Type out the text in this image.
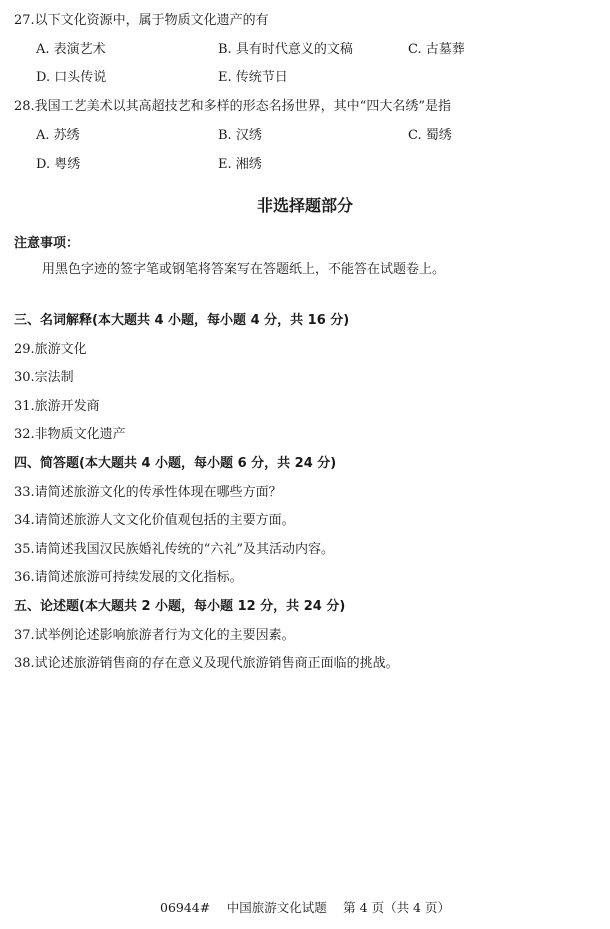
27.以下文化资源中，属于物质文化遗产的有
A. 表演艺术	B. 具有时代意义的文稿	C. 古墓葬
D. 口头传说	E. 传统节日
28.我国工艺美术以其高超技艺和多样的形态名扬世界，其中“四大名绣”是指
A. 苏绣	B. 汉绣	C. 蜀绣
D. 粤绣	E. 湘绣
非选择题部分
注意事项：
用黑色字迹的签字笔或钢笔将答案写在答题纸上，不能答在试题卷上。
三、名词解释(本大题共 4 小题，每小题 4 分，共 16 分)
29.旅游文化
30.宗法制
31.旅游开发商
32.非物质文化遗产
四、简答题(本大题共 4 小题，每小题 6 分，共 24 分)
33.请简述旅游文化的传承性体现在哪些方面？
34.请简述旅游人文文化价值观包括的主要方面。
35.请简述我国汉民族婚礼传统的“六礼”及其活动内容。
36.请简述旅游可持续发展的文化指标。
五、论述题(本大题共 2 小题，每小题 12 分，共 24 分)
37.试举例论述影响旅游者行为文化的主要因素。
38.试论述旅游销售商的存在意义及现代旅游销售商正面临的挑战。
06944#　 中国旅游文化试题　 第 4 页（共 4 页）
